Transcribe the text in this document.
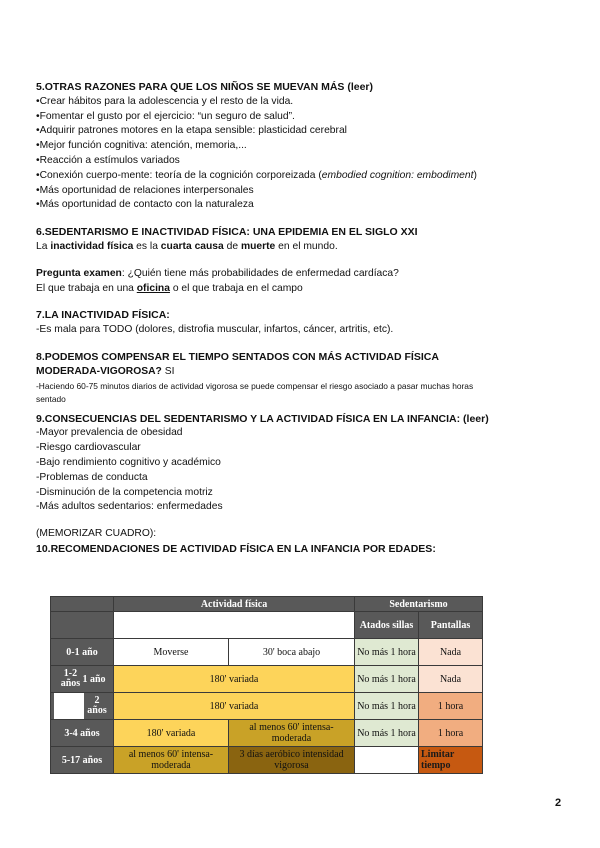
5.OTRAS RAZONES PARA QUE LOS NIÑOS SE MUEVAN MÁS (leer)
•Crear hábitos para la adolescencia y el resto de la vida.
•Fomentar el gusto por el ejercicio: “un seguro de salud”.
•Adquirir patrones motores en la etapa sensible: plasticidad cerebral
•Mejor función cognitiva: atención, memoria,...
•Reacción a estímulos variados
•Conexión cuerpo-mente: teoría de la cognición corporeizada (embodied cognition: embodiment)
•Más oportunidad de relaciones interpersonales
•Más oportunidad de contacto con la naturaleza
6.SEDENTARISMO E INACTIVIDAD FÍSICA: UNA EPIDEMIA EN EL SIGLO XXI
La inactividad física es la cuarta causa de muerte en el mundo.
Pregunta examen: ¿Quién tiene más probabilidades de enfermedad cardíaca?
El que trabaja en una oficina o el que trabaja en el campo
7.LA INACTIVIDAD FÍSICA:
-Es mala para TODO (dolores, distrofia muscular, infartos, cáncer, artritis, etc).
8.PODEMOS COMPENSAR EL TIEMPO SENTADOS CON MÁS ACTIVIDAD FÍSICA
MODERADA-VIGOROSA? SI
-Haciendo 60-75 minutos diarios de actividad vigorosa se puede compensar el riesgo asociado a pasar muchas horas
sentado
9.CONSECUENCIAS DEL SEDENTARISMO Y LA ACTIVIDAD FÍSICA EN LA INFANCIA: (leer)
-Mayor prevalencia de obesidad
-Riesgo cardiovascular
-Bajo rendimiento cognitivo y académico
-Problemas de conducta
-Disminución de la competencia motriz
-Más adultos sedentarios: enfermedades
(MEMORIZAR CUADRO):
10.RECOMENDACIONES DE ACTIVIDAD FÍSICA EN LA INFANCIA POR EDADES:
	Actividad física		Sedentarismo	
			Atados sillas	Pantallas
0-1 año	Moverse	30' boca abajo	No más 1 hora	Nada
1-2 años 1 año	180' variada		No más 1 hora	Nada
2 años	180' variada		No más 1 hora	1 hora
3-4 años	180' variada	al menos 60' intensa-moderada	No más 1 hora	1 hora
5-17 años	al menos 60' intensa-moderada	3 días aeróbico intensidad vigorosa		Limitar tiempo
2
